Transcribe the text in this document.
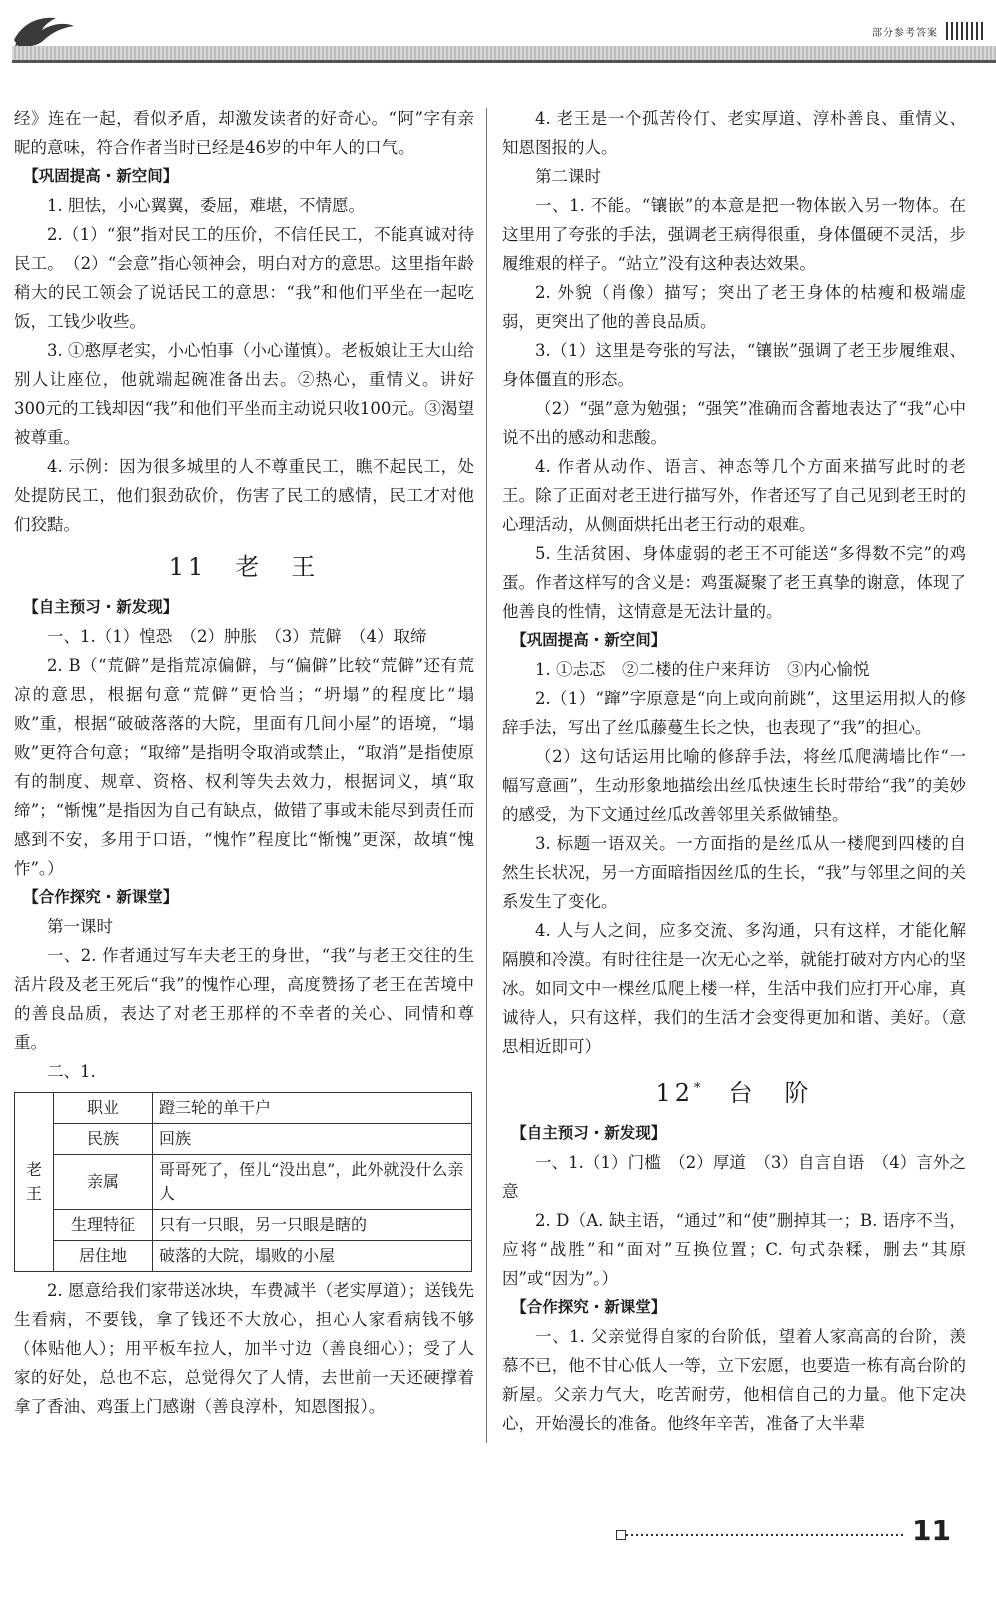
部分参考答案

经》连在一起，看似矛盾，却激发读者的好奇心。“阿”字有亲昵的意味，符合作者当时已经是46岁的中年人的口气。

【巩固提高・新空间】

1. 胆怯，小心翼翼，委屈，难堪，不情愿。

2.（1）“狠”指对民工的压价，不信任民工，不能真诚对待民工。　（2）“会意”指心领神会，明白对方的意思。这里指年龄稍大的民工领会了说话民工的意思：“我”和他们平坐在一起吃饭，工钱少收些。

3. ①憨厚老实，小心怕事（小心谨慎）。老板娘让王大山给别人让座位，他就端起碗准备出去。②热心，重情义。讲好300元的工钱却因“我”和他们平坐而主动说只收100元。③渴望被尊重。

4. 示例：因为很多城里的人不尊重民工，瞧不起民工，处处提防民工，他们狠劲砍价，伤害了民工的感情，民工才对他们狡黠。

11 老　王

【自主预习・新发现】

一、1.（1）惶恐　（2）肿胀　（3）荒僻　（4）取缔

2. B（“荒僻”是指荒凉偏僻，与“偏僻”比较“荒僻”还有荒凉的意思，根据句意“荒僻”更恰当；“坍塌”的程度比“塌败”重，根据“破破落落的大院，里面有几间小屋”的语境，“塌败”更符合句意；“取缔”是指明令取消或禁止，“取消”是指使原有的制度、规章、资格、权利等失去效力，根据词义，填“取缔”；“惭愧”是指因为自己有缺点，做错了事或未能尽到责任而感到不安，多用于口语，“愧怍”程度比“惭愧”更深，故填“愧怍”。）

【合作探究・新课堂】

第一课时

一、2. 作者通过写车夫老王的身世，“我”与老王交往的生活片段及老王死后“我”的愧怍心理，高度赞扬了老王在苦境中的善良品质，表达了对老王那样的不幸者的关心、同情和尊重。

二、1.

老王	职业	蹬三轮的单干户
	民族	回族
	亲属	哥哥死了，侄儿“没出息”，此外就没什么亲人
	生理特征	只有一只眼，另一只眼是瞎的
	居住地	破落的大院，塌败的小屋

2. 愿意给我们家带送冰块，车费减半（老实厚道）；送钱先生看病，不要钱，拿了钱还不大放心，担心人家看病钱不够（体贴他人）；用平板车拉人，加半寸边（善良细心）；受了人家的好处，总也不忘，总觉得欠了人情，去世前一天还硬撑着拿了香油、鸡蛋上门感谢（善良淳朴，知恩图报）。

4. 老王是一个孤苦伶仃、老实厚道、淳朴善良、重情义、知恩图报的人。

第二课时

一、1. 不能。“镶嵌”的本意是把一物体嵌入另一物体。在这里用了夸张的手法，强调老王病得很重，身体僵硬不灵活，步履维艰的样子。“站立”没有这种表达效果。

2. 外貌（肖像）描写；突出了老王身体的枯瘦和极端虚弱，更突出了他的善良品质。

3.（1）这里是夸张的写法，“镶嵌”强调了老王步履维艰、身体僵直的形态。

（2）“强”意为勉强；“强笑”准确而含蓄地表达了“我”心中说不出的感动和悲酸。

4. 作者从动作、语言、神态等几个方面来描写此时的老王。除了正面对老王进行描写外，作者还写了自己见到老王时的心理活动，从侧面烘托出老王行动的艰难。

5. 生活贫困、身体虚弱的老王不可能送“多得数不完”的鸡蛋。作者这样写的含义是：鸡蛋凝聚了老王真挚的谢意，体现了他善良的性情，这情意是无法计量的。

【巩固提高・新空间】

1. ①忐忑　②二楼的住户来拜访　③内心愉悦

2.（1）“蹿”字原意是“向上或向前跳”，这里运用拟人的修辞手法，写出了丝瓜藤蔓生长之快，也表现了“我”的担心。

（2）这句话运用比喻的修辞手法，将丝瓜爬满墙比作“一幅写意画”，生动形象地描绘出丝瓜快速生长时带给“我”的美妙的感受，为下文通过丝瓜改善邻里关系做铺垫。

3. 标题一语双关。一方面指的是丝瓜从一楼爬到四楼的自然生长状况，另一方面暗指因丝瓜的生长，“我”与邻里之间的关系发生了变化。

4. 人与人之间，应多交流、多沟通，只有这样，才能化解隔膜和冷漠。有时往往是一次无心之举，就能打破对方内心的坚冰。如同文中一棵丝瓜爬上楼一样，生活中我们应打开心扉，真诚待人，只有这样，我们的生活才会变得更加和谐、美好。（意思相近即可）

12* 台　阶

【自主预习・新发现】

一、1.（1）门槛　（2）厚道　（3）自言自语　（4）言外之意

2. D（A. 缺主语，“通过”和“使”删掉其一；B. 语序不当，应将“战胜”和“面对”互换位置；C. 句式杂糅，删去“其原因”或“因为”。）

【合作探究・新课堂】

一、1. 父亲觉得自家的台阶低，望着人家高高的台阶，羡慕不已，他不甘心低人一等，立下宏愿，也要造一栋有高台阶的新屋。父亲力气大，吃苦耐劳，他相信自己的力量。他下定决心，开始漫长的准备。他终年辛苦，准备了大半辈

11
